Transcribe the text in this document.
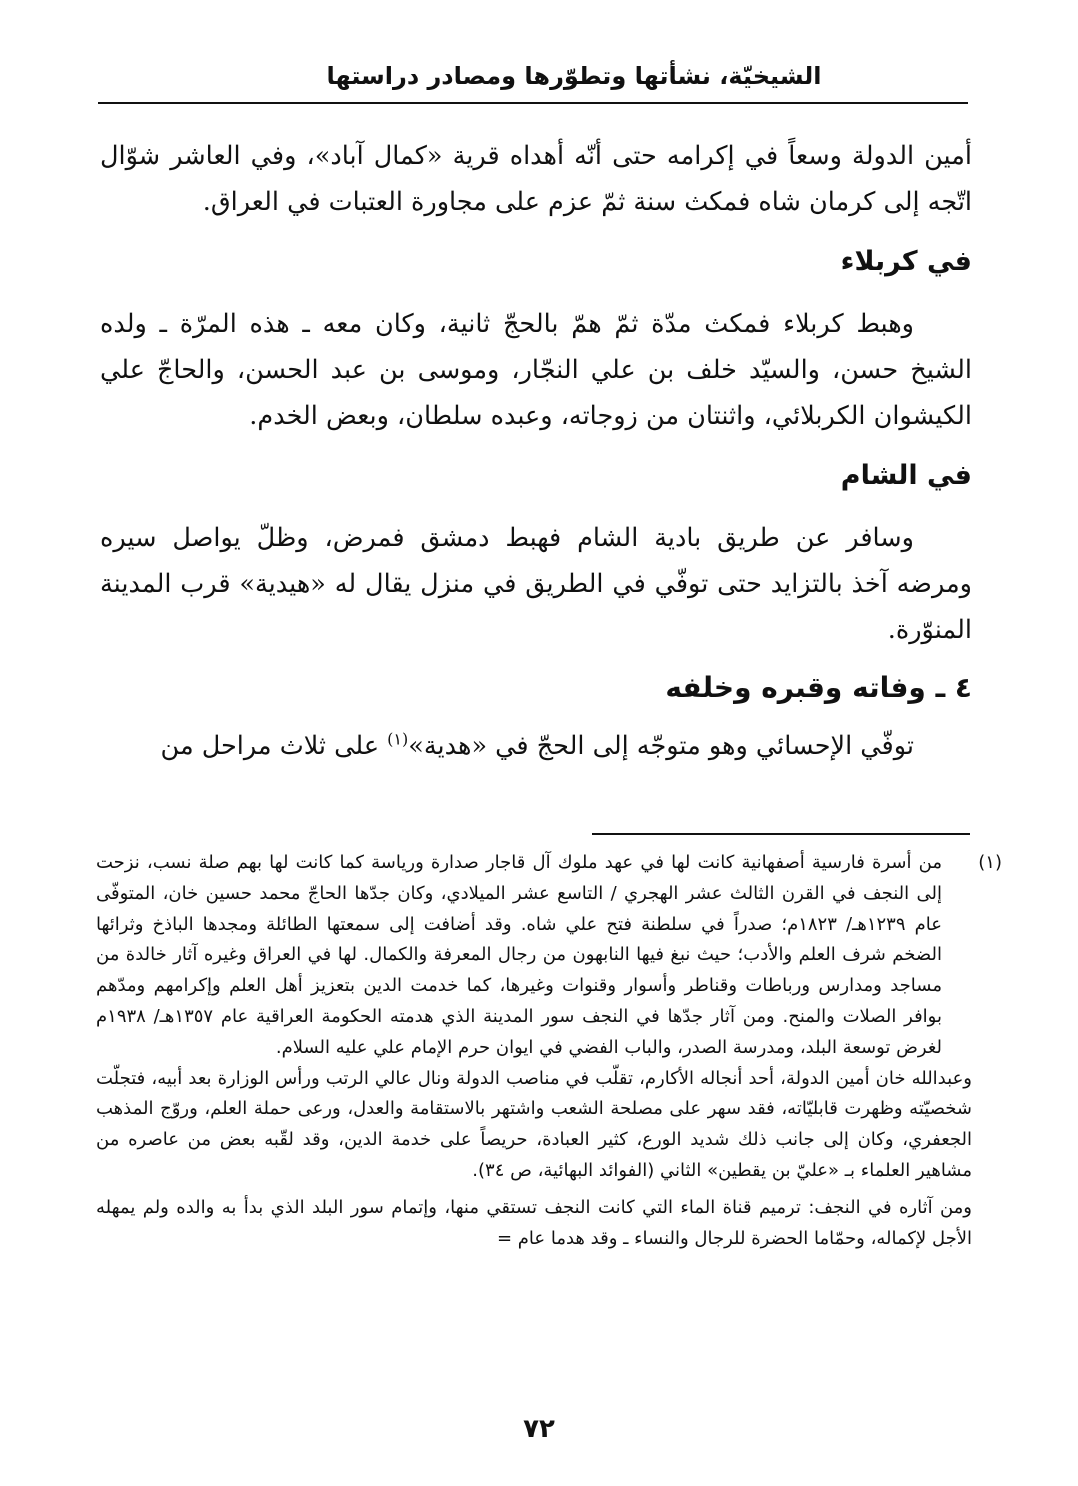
الشيخيّة، نشأتها وتطوّرها ومصادر دراستها

أمين الدولة وسعاً في إكرامه حتى أنّه أهداه قرية «كمال آباد»، وفي العاشر شوّال اتّجه إلى كرمان شاه فمكث سنة ثمّ عزم على مجاورة العتبات في العراق.

في كربلاء

وهبط كربلاء فمكث مدّة ثمّ همّ بالحجّ ثانية، وكان معه ـ هذه المرّة ـ ولده الشيخ حسن، والسيّد خلف بن علي النجّار، وموسى بن عبد الحسن، والحاجّ علي الكيشوان الكربلائي، واثنتان من زوجاته، وعبده سلطان، وبعض الخدم.

في الشام

وسافر عن طريق بادية الشام فهبط دمشق فمرض، وظلّ يواصل سيره ومرضه آخذ بالتزايد حتى توفّي في الطريق في منزل يقال له «هيدية» قرب المدينة المنوّرة.

٤ ـ وفاته وقبره وخلفه

توفّي الإحسائي وهو متوجّه إلى الحجّ في «هدية»$^{(١)}$ على ثلاث مراحل من

(١)من أسرة فارسية أصفهانية كانت لها في عهد ملوك آل قاجار صدارة ورياسة كما كانت لها بهم صلة نسب، نزحت إلى النجف في القرن الثالث عشر الهجري / التاسع عشر الميلادي، وكان جدّها الحاجّ محمد حسين خان، المتوفّى عام ١٢٣٩هـ/ ١٨٢٣م؛ صدراً في سلطنة فتح علي شاه. وقد أضافت إلى سمعتها الطائلة ومجدها الباذخ وثرائها الضخم شرف العلم والأدب؛ حيث نبغ فيها النابهون من رجال المعرفة والكمال. لها في العراق وغيره آثار خالدة من مساجد ومدارس ورباطات وقناطر وأسوار وقنوات وغيرها، كما خدمت الدين بتعزيز أهل العلم وإكرامهم ومدّهم بوافر الصلات والمنح. ومن آثار جدّها في النجف سور المدينة الذي هدمته الحكومة العراقية عام ١٣٥٧هـ/ ١٩٣٨م لغرض توسعة البلد، ومدرسة الصدر، والباب الفضي في ايوان حرم الإمام علي عليه السلام.

وعبدالله خان أمين الدولة، أحد أنجاله الأكارم، تقلّب في مناصب الدولة ونال عالي الرتب ورأس الوزارة بعد أبيه، فتجلّت شخصيّته وظهرت قابليّاته، فقد سهر على مصلحة الشعب واشتهر بالاستقامة والعدل، ورعى حملة العلم، وروّج المذهب الجعفري، وكان إلى جانب ذلك شديد الورع، كثير العبادة، حريصاً على خدمة الدين، وقد لقّبه بعض من عاصره من مشاهير العلماء بـ «عليّ بن يقطين» الثاني (الفوائد البهائية، ص ٣٤).

ومن آثاره في النجف: ترميم قناة الماء التي كانت النجف تستقي منها، وإتمام سور البلد الذي بدأ به والده ولم يمهله الأجل لإكماله، وحمّاما الحضرة للرجال والنساء ـ وقد هدما عام =

٧٢
